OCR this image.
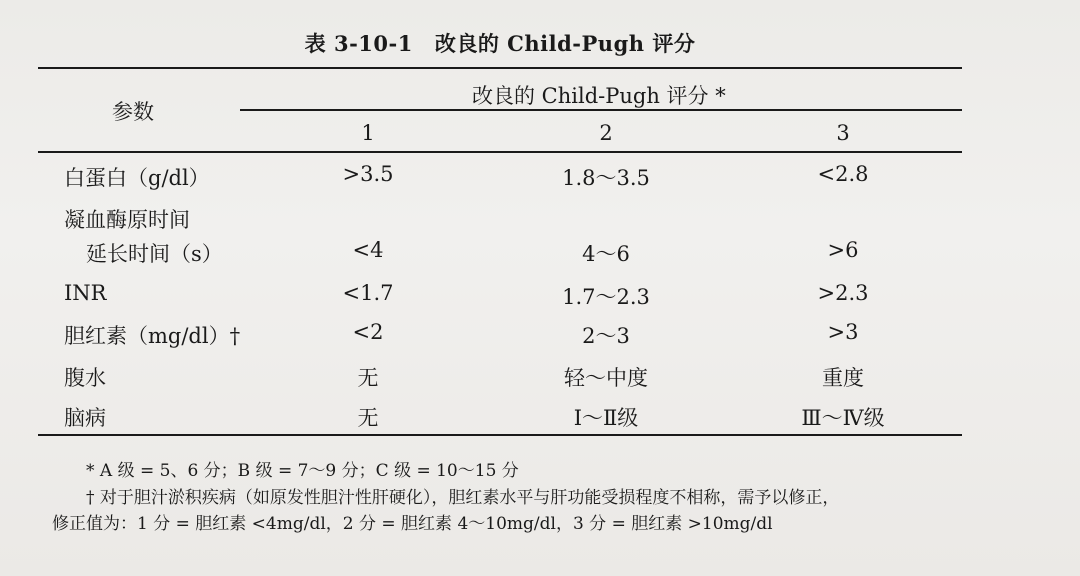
表 3-10-1 改良的 Child-Pugh 评分
参数
改良的 Child-Pugh 评分 *
1	2	3
白蛋白（g/dl）	>3.5	1.8～3.5	<2.8
凝血酶原时间
延长时间（s）	<4	4～6	>6
INR	<1.7	1.7～2.3	>2.3
胆红素（mg/dl）†	<2	2～3	>3
腹水	无	轻～中度	重度
脑病	无	Ⅰ～Ⅱ级	Ⅲ～Ⅳ级
* A 级 = 5、6 分；B 级 = 7～9 分；C 级 = 10～15 分
† 对于胆汁淤积疾病（如原发性胆汁性肝硬化），胆红素水平与肝功能受损程度不相称，需予以修正，
修正值为：1 分 = 胆红素 <4mg/dl，2 分 = 胆红素 4～10mg/dl，3 分 = 胆红素 >10mg/dl
